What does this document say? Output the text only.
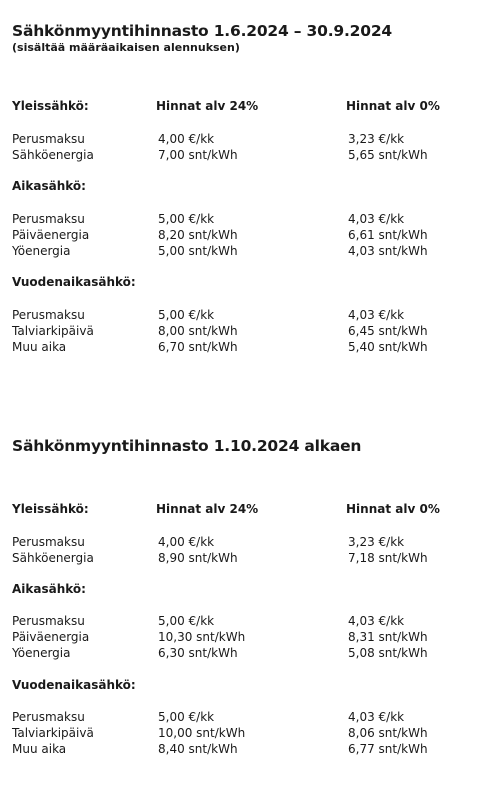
Sähkönmyyntihinnasto 1.6.2024 – 30.9.2024
(sisältää määräaikaisen alennuksen)
Yleissähkö:	Hinnat alv 24%	Hinnat alv 0%
Perusmaksu	4,00 €/kk	3,23 €/kk
Sähköenergia	7,00 snt/kWh	5,65 snt/kWh
Aikasähkö:
Perusmaksu	5,00 €/kk	4,03 €/kk
Päiväenergia	8,20 snt/kWh	6,61 snt/kWh
Yöenergia	5,00 snt/kWh	4,03 snt/kWh
Vuodenaikasähkö:
Perusmaksu	5,00 €/kk	4,03 €/kk
Talviarkipäivä	8,00 snt/kWh	6,45 snt/kWh
Muu aika	6,70 snt/kWh	5,40 snt/kWh
Sähkönmyyntihinnasto 1.10.2024 alkaen
Yleissähkö:	Hinnat alv 24%	Hinnat alv 0%
Perusmaksu	4,00 €/kk	3,23 €/kk
Sähköenergia	8,90 snt/kWh	7,18 snt/kWh
Aikasähkö:
Perusmaksu	5,00 €/kk	4,03 €/kk
Päiväenergia	10,30 snt/kWh	8,31 snt/kWh
Yöenergia	6,30 snt/kWh	5,08 snt/kWh
Vuodenaikasähkö:
Perusmaksu	5,00 €/kk	4,03 €/kk
Talviarkipäivä	10,00 snt/kWh	8,06 snt/kWh
Muu aika	8,40 snt/kWh	6,77 snt/kWh
